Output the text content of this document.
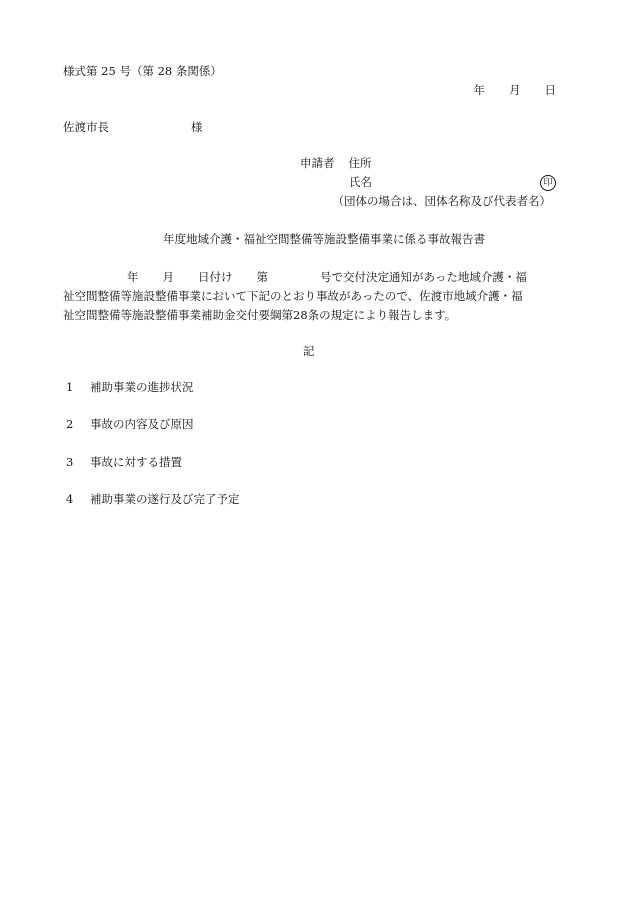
様式第 25 号（第 28 条関係）
年 月 日
佐渡市長	様
申請者 住所
氏名	印
（団体の場合は、団体名称及び代表者名）
年度地域介護・福祉空間整備等施設整備事業に係る事故報告書
年 月 日付け 第	号で交付決定通知があった地域介護・福
祉空間整備等施設整備事業において下記のとおり事故があったので、佐渡市地域介護・福
祉空間整備等施設整備事業補助金交付要綱第28条の規定により報告します。
記
1 補助事業の進捗状況
2 事故の内容及び原因
3 事故に対する措置
4 補助事業の遂行及び完了予定
